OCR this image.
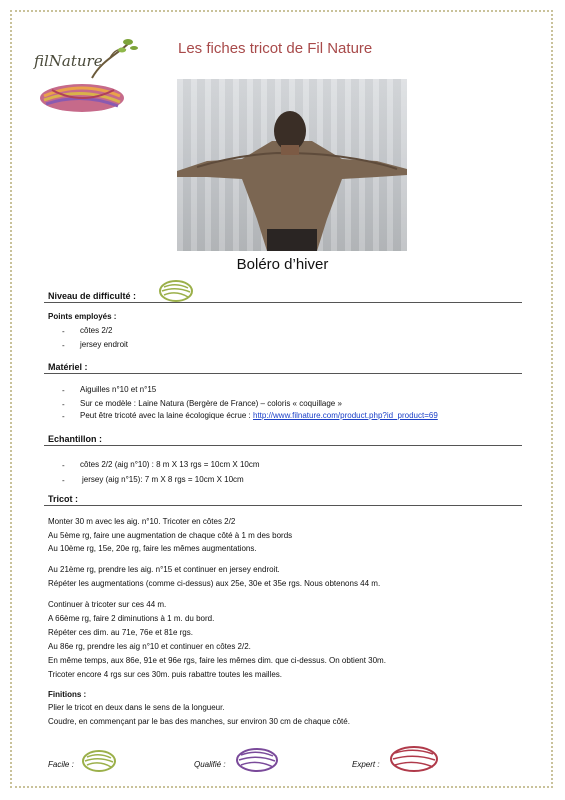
filNature
Les fiches tricot de Fil Nature
Boléro d’hiver
Niveau de difficulté :
Points employés :
- côtes 2/2
- jersey endroit
Matériel :
- Aiguilles n°10 et n°15
- Sur ce modèle : Laine Natura (Bergère de France) – coloris « coquillage »
- Peut être tricoté avec la laine écologique écrue : http://www.filnature.com/product.php?id_product=69
Echantillon :
- côtes 2/2 (aig n°10) : 8 m X 13 rgs = 10cm X 10cm
- jersey (aig n°15): 7 m X 8 rgs = 10cm X 10cm
Tricot :
Monter 30 m avec les aig. n°10. Tricoter en côtes 2/2
Au 5ème rg, faire une augmentation de chaque côté à 1 m des bords
Au 10ème rg, 15e, 20e rg, faire les mêmes augmentations.
Au 21ème rg, prendre les aig. n°15 et continuer en jersey endroit.
Répéter les augmentations (comme ci-dessus) aux 25e, 30e et 35e rgs. Nous obtenons 44 m.
Continuer à tricoter sur ces 44 m.
A 66ème rg, faire 2 diminutions à 1 m. du bord.
Répéter ces dim. au 71e, 76e et 81e rgs.
Au 86e rg, prendre les aig n°10 et continuer en côtes 2/2.
En même temps, aux 86e, 91e et 96e rgs, faire les mêmes dim. que ci-dessus. On obtient 30m.
Tricoter encore 4 rgs sur ces 30m. puis rabattre toutes les mailles.
Finitions :
Plier le tricot en deux dans le sens de la longueur.
Coudre, en commençant par le bas des manches, sur environ 30 cm de chaque côté.
Facile :	Qualifié :	Expert :
